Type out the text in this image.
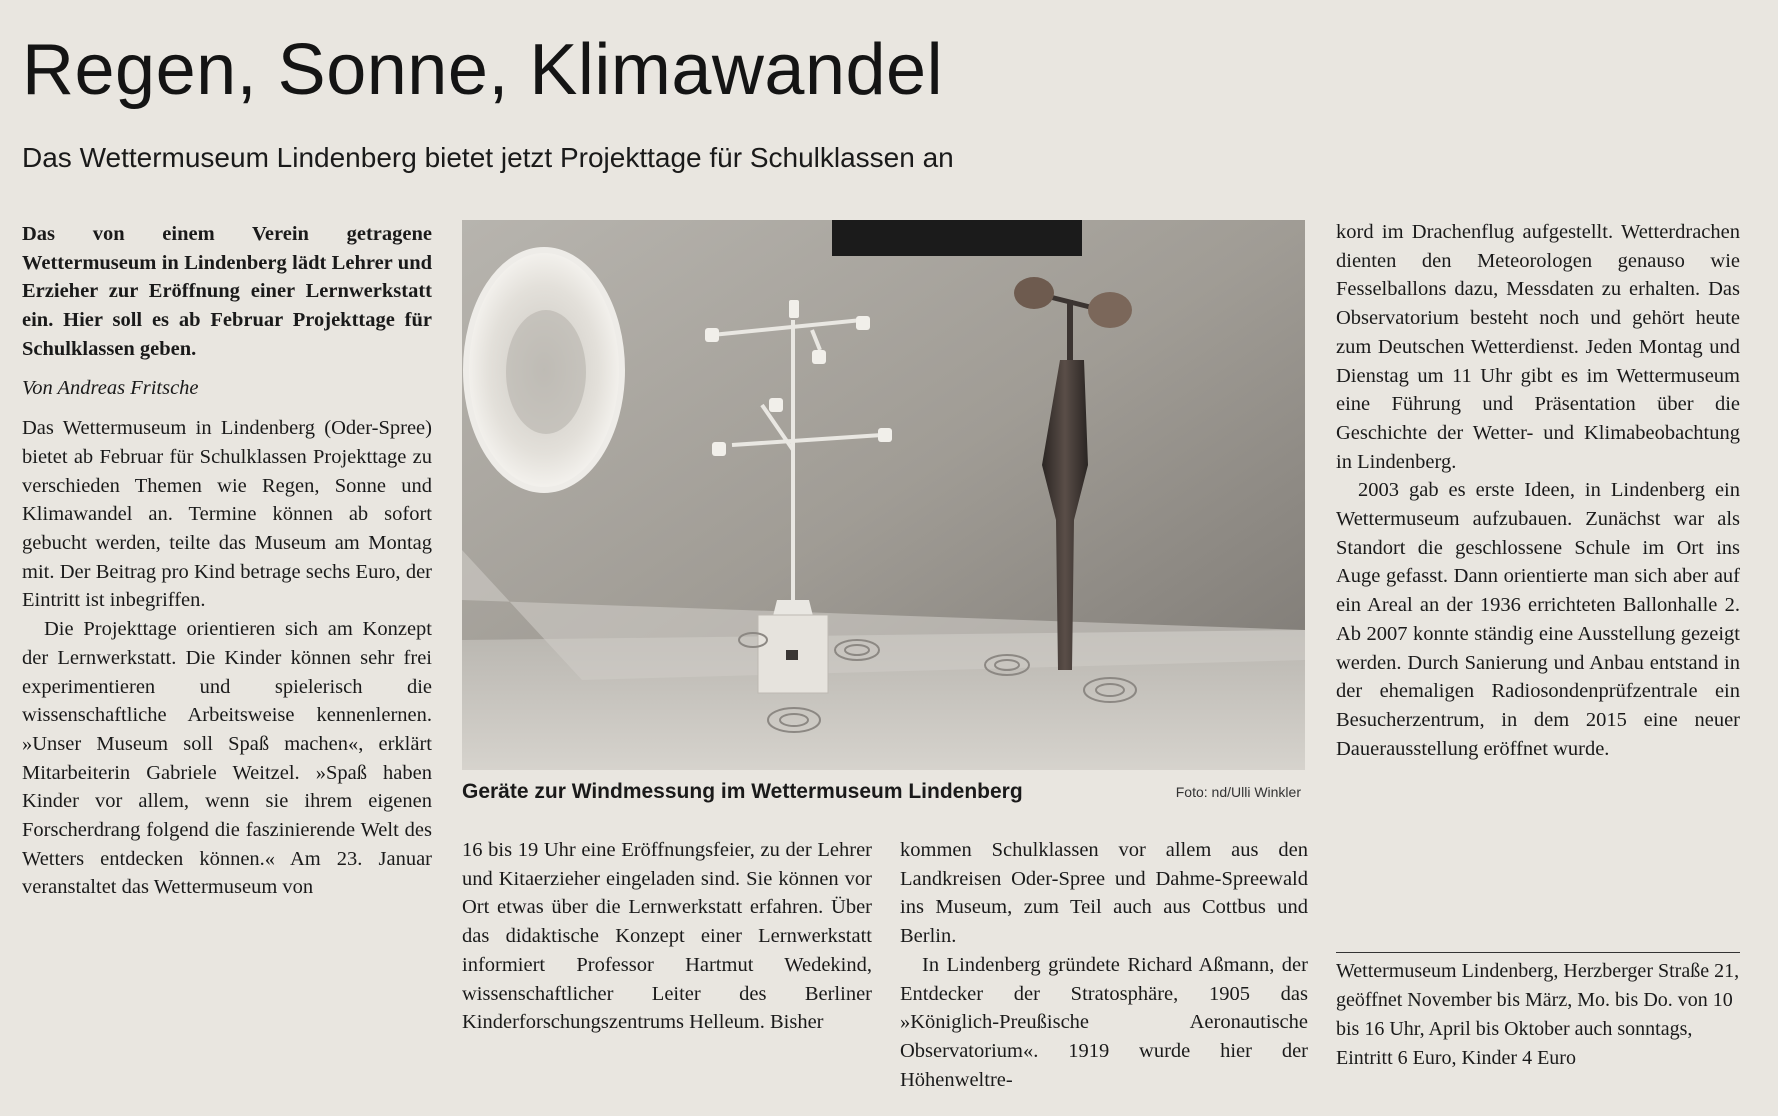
Regen, Sonne, Klimawandel
Das Wettermuseum Lindenberg bietet jetzt Projekttage für Schulklassen an

Das von einem Verein getragene Wettermuseum in Lindenberg lädt Lehrer und Erzieher zur Eröffnung einer Lernwerkstatt ein. Hier soll es ab Februar Projekttage für Schulklassen geben.

Von Andreas Fritsche

Das Wettermuseum in Lindenberg (Oder-Spree) bietet ab Februar für Schulklassen Projekttage zu verschieden Themen wie Regen, Sonne und Klimawandel an. Termine können ab sofort gebucht werden, teilte das Museum am Montag mit. Der Beitrag pro Kind betrage sechs Euro, der Eintritt ist inbegriffen.

Die Projekttage orientieren sich am Konzept der Lernwerkstatt. Die Kinder können sehr frei experimentieren und spielerisch die wissenschaftliche Arbeitsweise kennenlernen. »Unser Museum soll Spaß machen«, erklärt Mitarbeiterin Gabriele Weitzel. »Spaß haben Kinder vor allem, wenn sie ihrem eigenen Forscherdrang folgend die faszinierende Welt des Wetters entdecken können.« Am 23. Januar veranstaltet das Wettermuseum von

Geräte zur Windmessung im Wettermuseum Lindenberg	Foto: nd/Ulli Winkler

16 bis 19 Uhr eine Eröffnungsfeier, zu der Lehrer und Kitaerzieher eingeladen sind. Sie können vor Ort etwas über die Lernwerkstatt erfahren. Über das didaktische Konzept einer Lernwerkstatt informiert Professor Hartmut Wedekind, wissenschaftlicher Leiter des Berliner Kinderforschungszentrums Helleum. Bisher

kommen Schulklassen vor allem aus den Landkreisen Oder-Spree und Dahme-Spreewald ins Museum, zum Teil auch aus Cottbus und Berlin.

In Lindenberg gründete Richard Aßmann, der Entdecker der Stratosphäre, 1905 das »Königlich-Preußische Aeronautische Observatorium«. 1919 wurde hier der Höhenweltre-

kord im Drachenflug aufgestellt. Wetterdrachen dienten den Meteorologen genauso wie Fesselballons dazu, Messdaten zu erhalten. Das Observatorium besteht noch und gehört heute zum Deutschen Wetterdienst. Jeden Montag und Dienstag um 11 Uhr gibt es im Wettermuseum eine Führung und Präsentation über die Geschichte der Wetter- und Klimabeobachtung in Lindenberg.

2003 gab es erste Ideen, in Lindenberg ein Wettermuseum aufzubauen. Zunächst war als Standort die geschlossene Schule im Ort ins Auge gefasst. Dann orientierte man sich aber auf ein Areal an der 1936 errichteten Ballonhalle 2. Ab 2007 konnte ständig eine Ausstellung gezeigt werden. Durch Sanierung und Anbau entstand in der ehemaligen Radiosondenprüfzentrale ein Besucherzentrum, in dem 2015 eine neuer Dauerausstellung eröffnet wurde.

Wettermuseum Lindenberg, Herzberger Straße 21, geöffnet November bis März, Mo. bis Do. von 10 bis 16 Uhr, April bis Oktober auch sonntags, Eintritt 6 Euro, Kinder 4 Euro
